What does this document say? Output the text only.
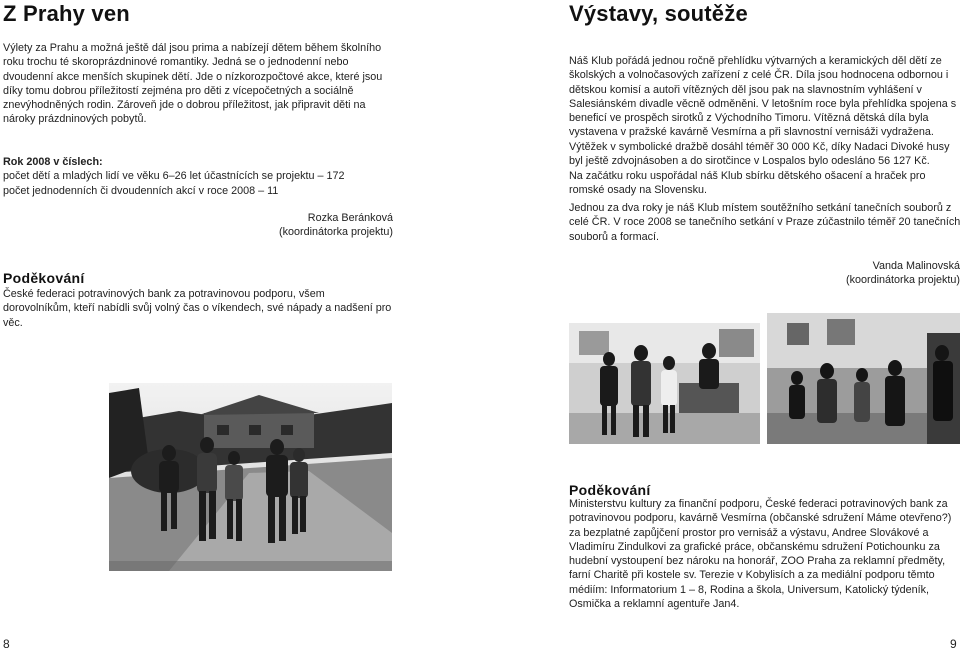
Z Prahy ven
Výlety za Prahu a možná ještě dál jsou prima a nabízejí dětem během školního roku trochu té skoroprázdninové romantiky. Jedná se o jednodenní nebo dvoudenní akce menších skupinek dětí. Jde o nízkorozpočtové akce, které jsou díky tomu dobrou příležitostí zejména pro děti z vícepočetných a sociálně znevýhodněných rodin. Zároveň jde o dobrou příležitost, jak připravit děti na nároky prázdninových pobytů.
Rok 2008 v číslech:
počet dětí a mladých lidí ve věku 6–26 let účastnících se projektu – 172
počet jednodenních či dvoudenních akcí v roce 2008 – 11
Rozka Beránková
(koordinátorka projektu)
Poděkování
České federaci potravinových bank za potravinovou podporu, všem dorovolníkům, kteří nabídli svůj volný čas o víkendech, své nápady a nadšení pro věc.
8
Výstavy, soutěže
Náš Klub pořádá jednou ročně přehlídku výtvarných a keramických děl dětí ze školských a volnočasových zařízení z celé ČR. Díla jsou hodnocena odbornou i dětskou komisí a autoři vítězných děl jsou pak na slavnostním vyhlášení v Salesiánském divadle věcně odměněni. V letošním roce byla přehlídka spojena s beneficí ve prospěch sirotků z Východního Timoru. Vítězná dětská díla byla vystavena v pražské kavárně Vesmírna a při slavnostní vernisáži vydražena. Výtěžek v symbolické dražbě dosáhl téměř 30 000 Kč, díky Nadaci Divoké husy byl ještě zdvojnásoben a do sirotčince v Lospalos bylo odesláno 56 127 Kč.
Na začátku roku uspořádal náš Klub sbírku dětského ošacení a hraček pro romské osady na Slovensku.
Jednou za dva roky je náš Klub místem soutěžního setkání tanečních souborů z celé ČR. V roce 2008 se tanečního setkání v Praze zúčastnilo téměř 20 tanečních souborů a formací.
Vanda Malinovská
(koordinátorka projektu)
Poděkování
Ministerstvu kultury za finanční podporu, České federaci potravinových bank za potravinovou podporu, kavárně Vesmírna (občanské sdružení Máme otevřeno?) za bezplatné zapůjčení prostor pro vernisáž a výstavu, Andree Slovákové a Vladimíru Zindulkovi za grafické práce, občanskému sdružení Potichounku za hudební vystoupení bez nároku na honorář, ZOO Praha za reklamní předměty, farní Charitě při kostele sv. Terezie v Kobylisích a za mediální podporu těmto médiím: Informatorium 1 – 8, Rodina a škola, Universum, Katolický týdeník, Osmička a reklamní agentuře Jan4.
9
